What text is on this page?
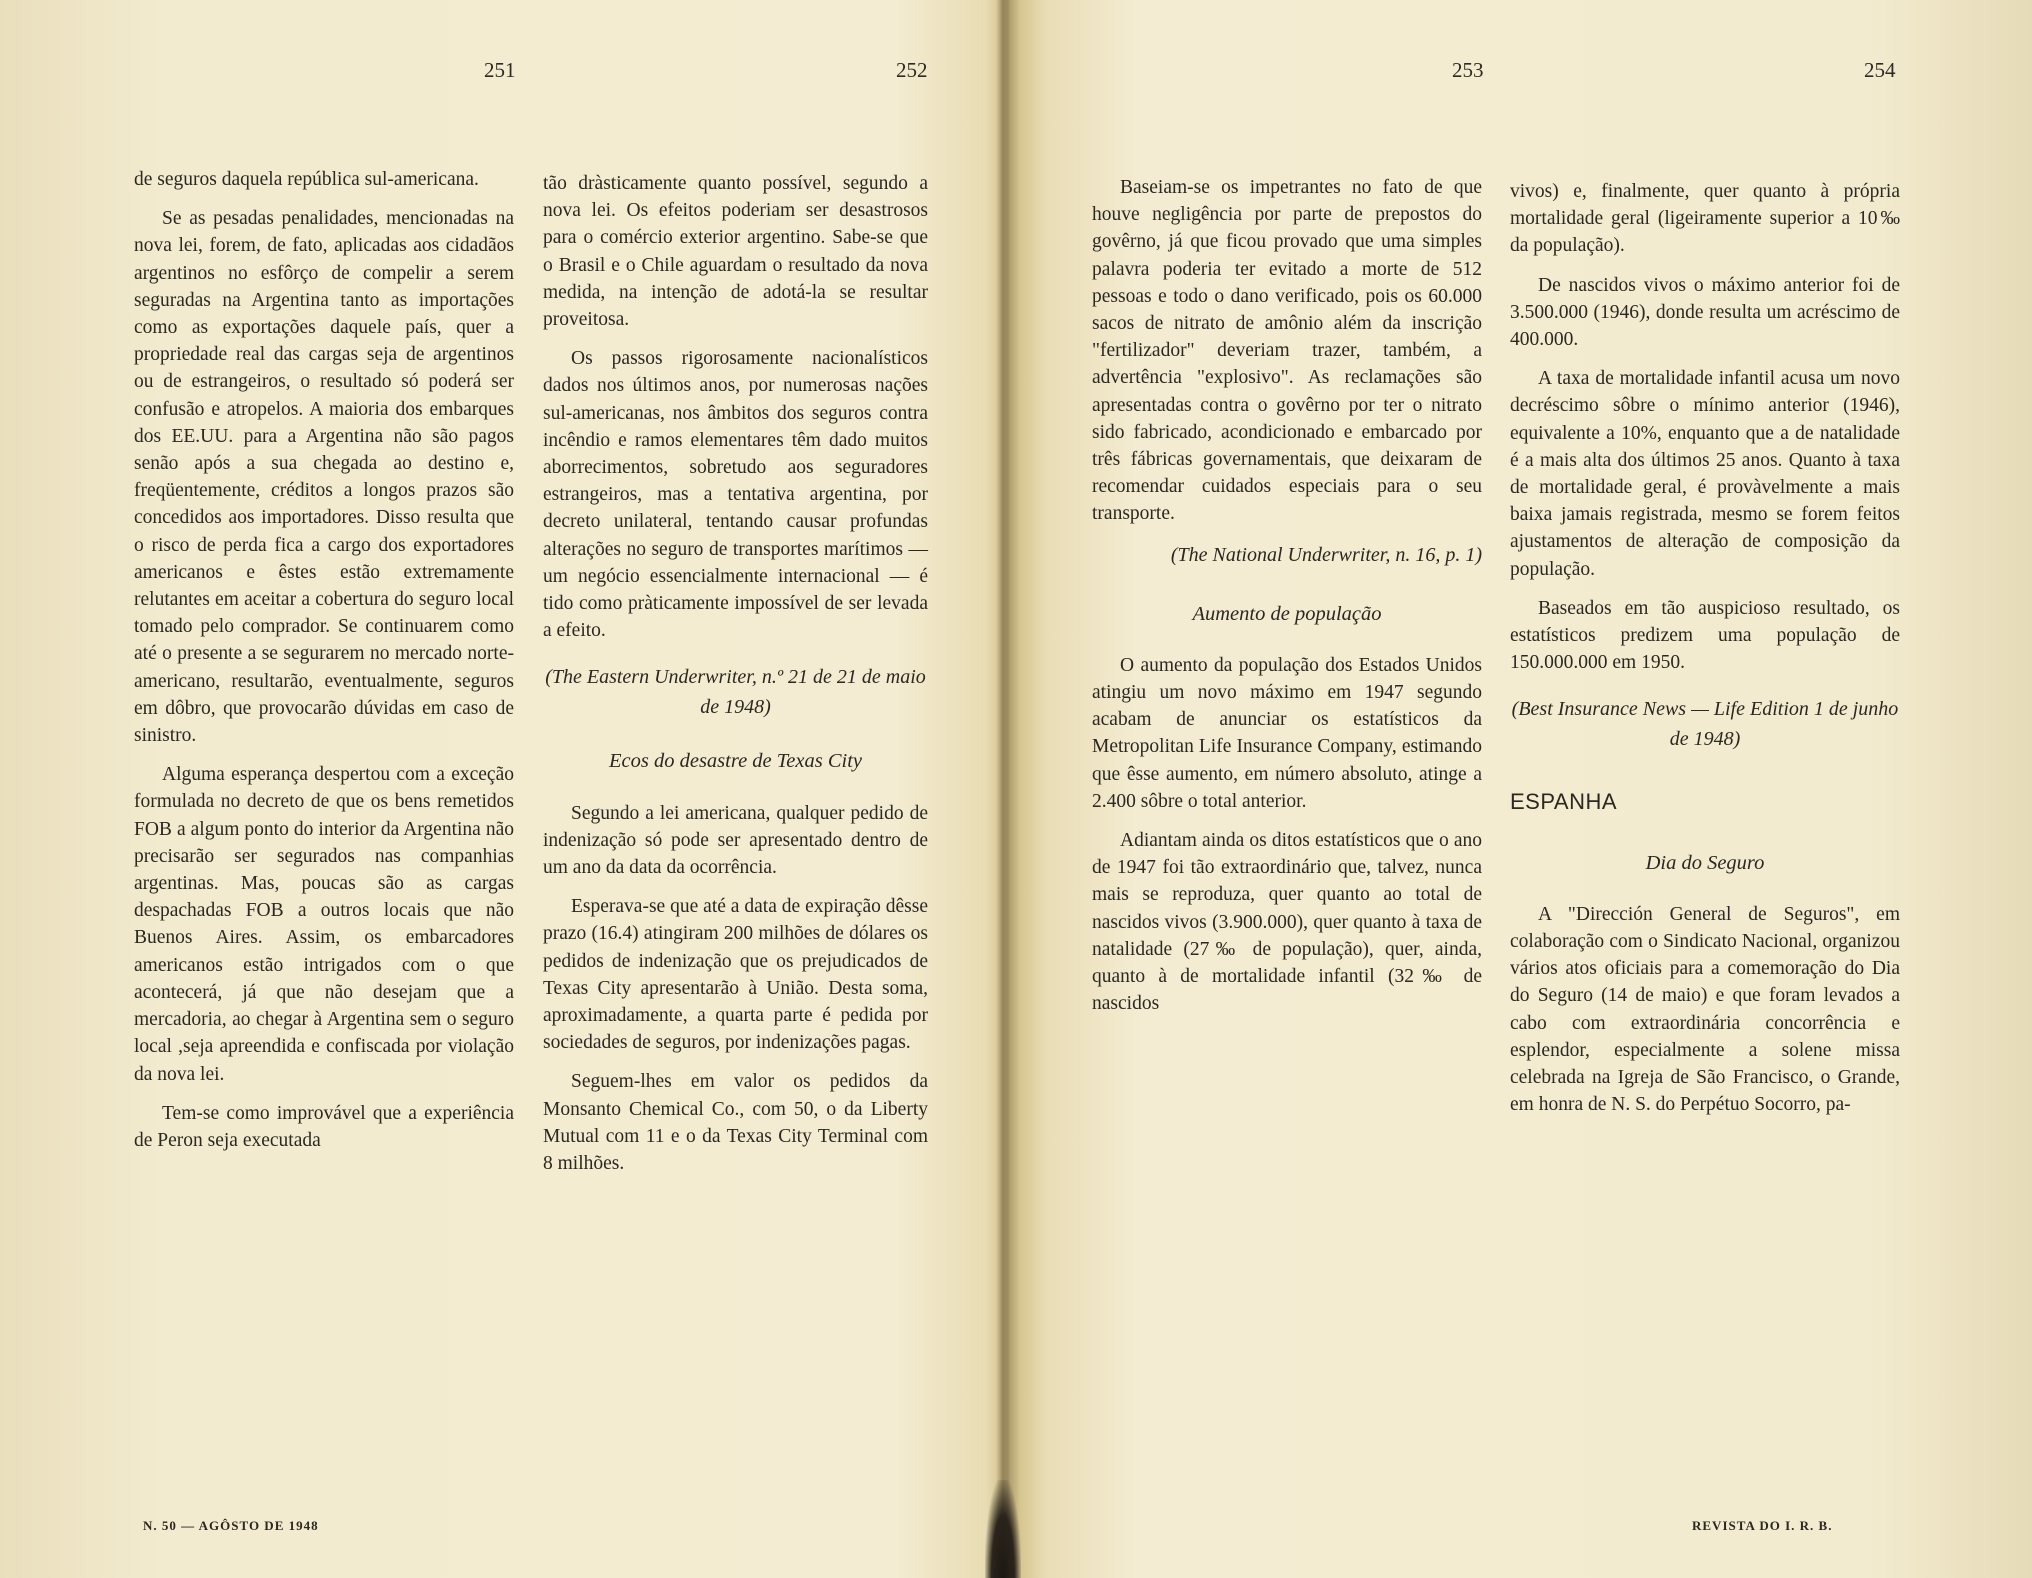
251	252	253	254

de seguros daquela república sul-americana.

Se as pesadas penalidades, mencionadas na nova lei, forem, de fato, aplicadas aos cidadãos argentinos no esfôrço de compelir a serem seguradas na Argentina tanto as importações como as exportações daquele país, quer a propriedade real das cargas seja de argentinos ou de estrangeiros, o resultado só poderá ser confusão e atropelos. A maioria dos embarques dos EE.UU. para a Argentina não são pagos senão após a sua chegada ao destino e, freqüentemente, créditos a longos prazos são concedidos aos importadores. Disso resulta que o risco de perda fica a cargo dos exportadores americanos e êstes estão extremamente relutantes em aceitar a cobertura do seguro local tomado pelo comprador. Se continuarem como até o presente a se segurarem no mercado norte-americano, resultarão, eventualmente, seguros em dôbro, que provocarão dúvidas em caso de sinistro.

Alguma esperança despertou com a exceção formulada no decreto de que os bens remetidos FOB a algum ponto do interior da Argentina não precisarão ser segurados nas companhias argentinas. Mas, poucas são as cargas despachadas FOB a outros locais que não Buenos Aires. Assim, os embarcadores americanos estão intrigados com o que acontecerá, já que não desejam que a mercadoria, ao chegar à Argentina sem o seguro local ,seja apreendida e confiscada por violação da nova lei.

Tem-se como improvável que a experiência de Peron seja executada

tão dràsticamente quanto possível, segundo a nova lei. Os efeitos poderiam ser desastrosos para o comércio exterior argentino. Sabe-se que o Brasil e o Chile aguardam o resultado da nova medida, na intenção de adotá-la se resultar proveitosa.

Os passos rigorosamente nacionalísticos dados nos últimos anos, por numerosas nações sul-americanas, nos âmbitos dos seguros contra incêndio e ramos elementares têm dado muitos aborrecimentos, sobretudo aos seguradores estrangeiros, mas a tentativa argentina, por decreto unilateral, tentando causar profundas alterações no seguro de transportes marítimos — um negócio essencialmente internacional — é tido como pràticamente impossível de ser levada a efeito.

(The Eastern Underwriter, n.º 21 de 21 de maio de 1948)
Ecos do desastre de Texas City

Segundo a lei americana, qualquer pedido de indenização só pode ser apresentado dentro de um ano da data da ocorrência.

Esperava-se que até a data de expiração dêsse prazo (16.4) atingiram 200 milhões de dólares os pedidos de indenização que os prejudicados de Texas City apresentarão à União. Desta soma, aproximadamente, a quarta parte é pedida por sociedades de seguros, por indenizações pagas.

Seguem-lhes em valor os pedidos da Monsanto Chemical Co., com 50, o da Liberty Mutual com 11 e o da Texas City Terminal com 8 milhões.

Baseiam-se os impetrantes no fato de que houve negligência por parte de prepostos do govêrno, já que ficou provado que uma simples palavra poderia ter evitado a morte de 512 pessoas e todo o dano verificado, pois os 60.000 sacos de nitrato de amônio além da inscrição "fertilizador" deveriam trazer, também, a advertência "explosivo". As reclamações são apresentadas contra o govêrno por ter o nitrato sido fabricado, acondicionado e embarcado por três fábricas governamentais, que deixaram de recomendar cuidados especiais para o seu transporte.

(The National Underwriter, n. 16, p. 1)
Aumento de população

O aumento da população dos Estados Unidos atingiu um novo máximo em 1947 segundo acabam de anunciar os estatísticos da Metropolitan Life Insurance Company, estimando que êsse aumento, em número absoluto, atinge a 2.400 sôbre o total anterior.

Adiantam ainda os ditos estatísticos que o ano de 1947 foi tão extraordinário que, talvez, nunca mais se reproduza, quer quanto ao total de nascidos vivos (3.900.000), quer quanto à taxa de natalidade (27‰ de população), quer, ainda, quanto à de mortalidade infantil (32‰ de nascidos

vivos) e, finalmente, quer quanto à própria mortalidade geral (ligeiramente superior a 10‰ da população).

De nascidos vivos o máximo anterior foi de 3.500.000 (1946), donde resulta um acréscimo de 400.000.

A taxa de mortalidade infantil acusa um novo decréscimo sôbre o mínimo anterior (1946), equivalente a 10%, enquanto que a de natalidade é a mais alta dos últimos 25 anos. Quanto à taxa de mortalidade geral, é provàvelmente a mais baixa jamais registrada, mesmo se forem feitos ajustamentos de alteração de composição da população.

Baseados em tão auspicioso resultado, os estatísticos predizem uma população de 150.000.000 em 1950.

(Best Insurance News — Life Edition 1 de junho de 1948)
ESPANHA
Dia do Seguro

A "Dirección General de Seguros", em colaboração com o Sindicato Nacional, organizou vários atos oficiais para a comemoração do Dia do Seguro (14 de maio) e que foram levados a cabo com extraordinária concorrência e esplendor, especialmente a solene missa celebrada na Igreja de São Francisco, o Grande, em honra de N. S. do Perpétuo Socorro, pa-

N. 50 — AGÔSTO DE 1948	REVISTA DO I. R. B.
